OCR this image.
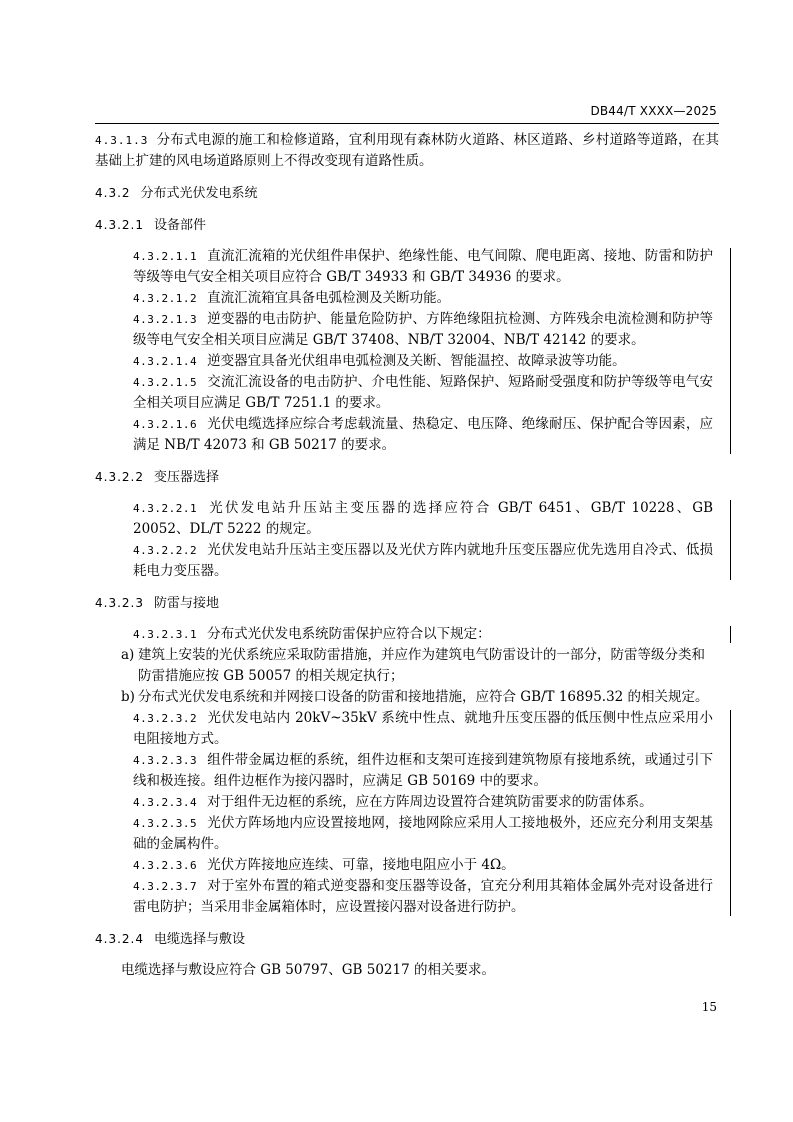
DB44/T XXXX—2025

4.3.1.3 分布式电源的施工和检修道路，宜利用现有森林防火道路、林区道路、乡村道路等道路，在其基础上扩建的风电场道路原则上不得改变现有道路性质。

4.3.2 分布式光伏发电系统
4.3.2.1 设备部件

4.3.2.1.1 直流汇流箱的光伏组件串保护、绝缘性能、电气间隙、爬电距离、接地、防雷和防护等级等电气安全相关项目应符合 GB/T 34933 和 GB/T 34936 的要求。

4.3.2.1.2 直流汇流箱宜具备电弧检测及关断功能。

4.3.2.1.3 逆变器的电击防护、能量危险防护、方阵绝缘阻抗检测、方阵残余电流检测和防护等级等电气安全相关项目应满足 GB/T 37408、NB/T 32004、NB/T 42142 的要求。

4.3.2.1.4 逆变器宜具备光伏组串电弧检测及关断、智能温控、故障录波等功能。

4.3.2.1.5 交流汇流设备的电击防护、介电性能、短路保护、短路耐受强度和防护等级等电气安全相关项目应满足 GB/T 7251.1 的要求。

4.3.2.1.6 光伏电缆选择应综合考虑载流量、热稳定、电压降、绝缘耐压、保护配合等因素，应满足 NB/T 42073 和 GB 50217 的要求。

4.3.2.2 变压器选择

4.3.2.2.1 光伏发电站升压站主变压器的选择应符合 GB/T 6451、GB/T 10228、GB 20052、DL/T 5222 的规定。

4.3.2.2.2 光伏发电站升压站主变压器以及光伏方阵内就地升压变压器应优先选用自冷式、低损耗电力变压器。

4.3.2.3 防雷与接地

4.3.2.3.1 分布式光伏发电系统防雷保护应符合以下规定：

a) 建筑上安装的光伏系统应采取防雷措施，并应作为建筑电气防雷设计的一部分，防雷等级分类和防雷措施应按 GB 50057 的相关规定执行；

b) 分布式光伏发电系统和并网接口设备的防雷和接地措施，应符合 GB/T 16895.32 的相关规定。

4.3.2.3.2 光伏发电站内 20kV~35kV 系统中性点、就地升压变压器的低压侧中性点应采用小电阻接地方式。

4.3.2.3.3 组件带金属边框的系统，组件边框和支架可连接到建筑物原有接地系统，或通过引下线和极连接。组件边框作为接闪器时，应满足 GB 50169 中的要求。

4.3.2.3.4 对于组件无边框的系统，应在方阵周边设置符合建筑防雷要求的防雷体系。

4.3.2.3.5 光伏方阵场地内应设置接地网，接地网除应采用人工接地极外，还应充分利用支架基础的金属构件。

4.3.2.3.6 光伏方阵接地应连续、可靠，接地电阻应小于 4Ω。

4.3.2.3.7 对于室外布置的箱式逆变器和变压器等设备，宜充分利用其箱体金属外壳对设备进行雷电防护；当采用非金属箱体时，应设置接闪器对设备进行防护。

4.3.2.4 电缆选择与敷设

电缆选择与敷设应符合 GB 50797、GB 50217 的相关要求。

15
